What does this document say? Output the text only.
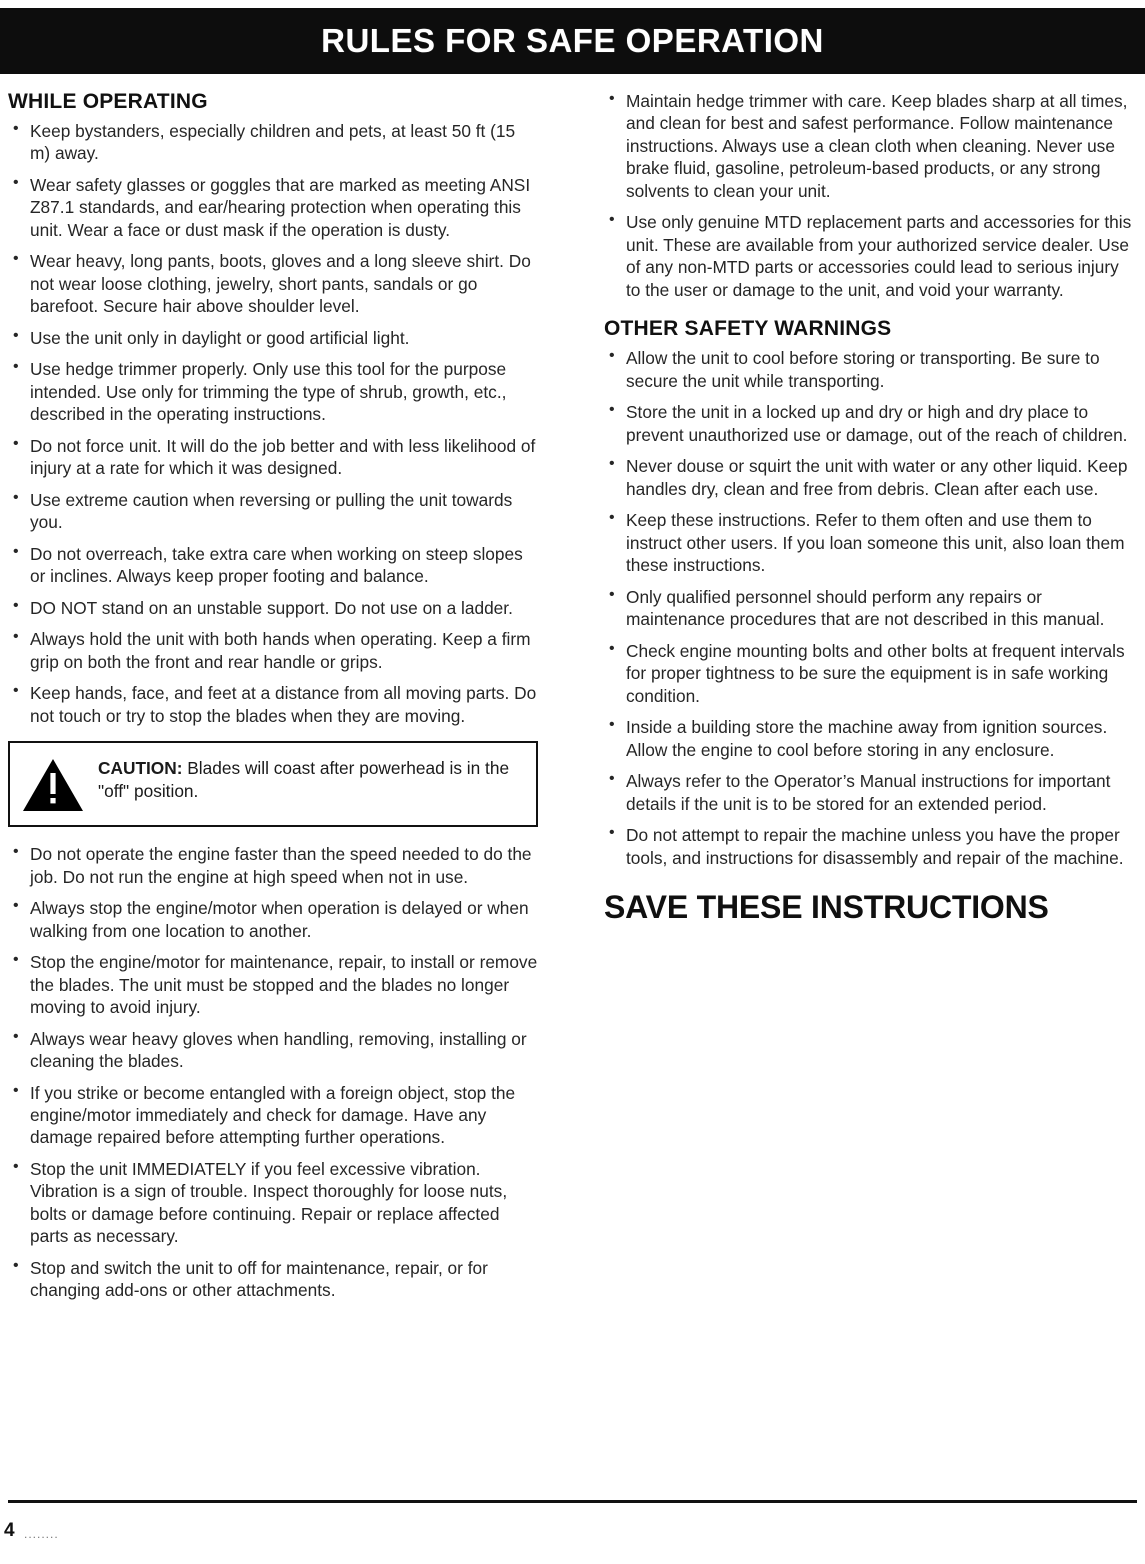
RULES FOR SAFE OPERATION
WHILE OPERATING
• Keep bystanders, especially children and pets, at least 50 ft (15 m) away.
• Wear safety glasses or goggles that are marked as meeting ANSI Z87.1 standards, and ear/hearing protection when operating this unit. Wear a face or dust mask if the operation is dusty.
• Wear heavy, long pants, boots, gloves and a long sleeve shirt. Do not wear loose clothing, jewelry, short pants, sandals or go barefoot. Secure hair above shoulder level.
• Use the unit only in daylight or good artificial light.
• Use hedge trimmer properly. Only use this tool for the purpose intended. Use only for trimming the type of shrub, growth, etc., described in the operating instructions.
• Do not force unit. It will do the job better and with less likelihood of injury at a rate for which it was designed.
• Use extreme caution when reversing or pulling the unit towards you.
• Do not overreach, take extra care when working on steep slopes or inclines. Always keep proper footing and balance.
• DO NOT stand on an unstable support. Do not use on a ladder.
• Always hold the unit with both hands when operating. Keep a firm grip on both the front and rear handle or grips.
• Keep hands, face, and feet at a distance from all moving parts. Do not touch or try to stop the blades when they are moving.
CAUTION: Blades will coast after powerhead is in the "off" position.
• Do not operate the engine faster than the speed needed to do the job. Do not run the engine at high speed when not in use.
• Always stop the engine/motor when operation is delayed or when walking from one location to another.
• Stop the engine/motor for maintenance, repair, to install or remove the blades. The unit must be stopped and the blades no longer moving to avoid injury.
• Always wear heavy gloves when handling, removing, installing or cleaning the blades.
• If you strike or become entangled with a foreign object, stop the engine/motor immediately and check for damage. Have any damage repaired before attempting further operations.
• Stop the unit IMMEDIATELY if you feel excessive vibration. Vibration is a sign of trouble. Inspect thoroughly for loose nuts, bolts or damage before continuing. Repair or replace affected parts as necessary.
• Stop and switch the unit to off for maintenance, repair, or for changing add-ons or other attachments.
• Maintain hedge trimmer with care. Keep blades sharp at all times, and clean for best and safest performance. Follow maintenance instructions. Always use a clean cloth when cleaning. Never use brake fluid, gasoline, petroleum-based products, or any strong solvents to clean your unit.
• Use only genuine MTD replacement parts and accessories for this unit. These are available from your authorized service dealer. Use of any non-MTD parts or accessories could lead to serious injury to the user or damage to the unit, and void your warranty.
OTHER SAFETY WARNINGS
• Allow the unit to cool before storing or transporting. Be sure to secure the unit while transporting.
• Store the unit in a locked up and dry or high and dry place to prevent unauthorized use or damage, out of the reach of children.
• Never douse or squirt the unit with water or any other liquid. Keep handles dry, clean and free from debris. Clean after each use.
• Keep these instructions. Refer to them often and use them to instruct other users. If you loan someone this unit, also loan them these instructions.
• Only qualified personnel should perform any repairs or maintenance procedures that are not described in this manual.
• Check engine mounting bolts and other bolts at frequent intervals for proper tightness to be sure the equipment is in safe working condition.
• Inside a building store the machine away from ignition sources. Allow the engine to cool before storing in any enclosure.
• Always refer to the Operator’s Manual instructions for important details if the unit is to be stored for an extended period.
• Do not attempt to repair the machine unless you have the proper tools, and instructions for disassembly and repair of the machine.
SAVE THESE INSTRUCTIONS
4 ........
